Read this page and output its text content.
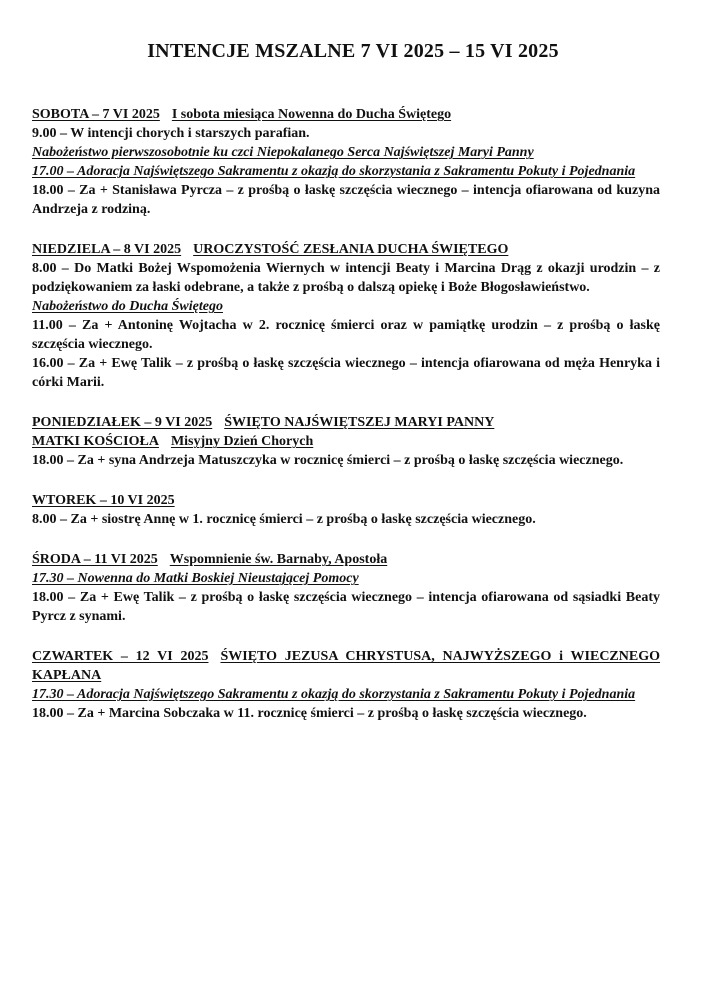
INTENCJE MSZALNE 7 VI 2025 – 15 VI 2025
SOBOTA – 7 VI 2025 I sobota miesiąca Nowenna do Ducha Świętego
9.00 – W intencji chorych i starszych parafian.
Nabożeństwo pierwszosobotnie ku czci Niepokalanego Serca Najświętszej Maryi Panny
17.00 – Adoracja Najświętszego Sakramentu z okazją do skorzystania z Sakramentu Pokuty i Pojednania
18.00 – Za + Stanisława Pyrcza – z prośbą o łaskę szczęścia wiecznego – intencja ofiarowana od kuzyna Andrzeja z rodziną.
NIEDZIELA – 8 VI 2025 UROCZYSTOŚĆ ZESŁANIA DUCHA ŚWIĘTEGO
8.00 – Do Matki Bożej Wspomożenia Wiernych w intencji Beaty i Marcina Drąg z okazji urodzin – z podziękowaniem za łaski odebrane, a także z prośbą o dalszą opiekę i Boże Błogosławieństwo.
Nabożeństwo do Ducha Świętego
11.00 – Za + Antoninę Wojtacha w 2. rocznicę śmierci oraz w pamiątkę urodzin – z prośbą o łaskę szczęścia wiecznego.
16.00 – Za + Ewę Talik – z prośbą o łaskę szczęścia wiecznego – intencja ofiarowana od męża Henryka i córki Marii.
PONIEDZIAŁEK – 9 VI 2025 ŚWIĘTO NAJŚWIĘTSZEJ MARYI PANNY
MATKI KOŚCIOŁA Misyjny Dzień Chorych
18.00 – Za + syna Andrzeja Matuszczyka w rocznicę śmierci – z prośbą o łaskę szczęścia wiecznego.
WTOREK – 10 VI 2025
8.00 – Za + siostrę Annę w 1. rocznicę śmierci – z prośbą o łaskę szczęścia wiecznego.
ŚRODA – 11 VI 2025 Wspomnienie św. Barnaby, Apostoła
17.30 – Nowenna do Matki Boskiej Nieustającej Pomocy
18.00 – Za + Ewę Talik – z prośbą o łaskę szczęścia wiecznego – intencja ofiarowana od sąsiadki Beaty Pyrcz z synami.
CZWARTEK – 12 VI 2025 ŚWIĘTO JEZUSA CHRYSTUSA, NAJWYŻSZEGO i WIECZNEGO KAPŁANA
17.30 – Adoracja Najświętszego Sakramentu z okazją do skorzystania z Sakramentu Pokuty i Pojednania
18.00 – Za + Marcina Sobczaka w 11. rocznicę śmierci – z prośbą o łaskę szczęścia wiecznego.
